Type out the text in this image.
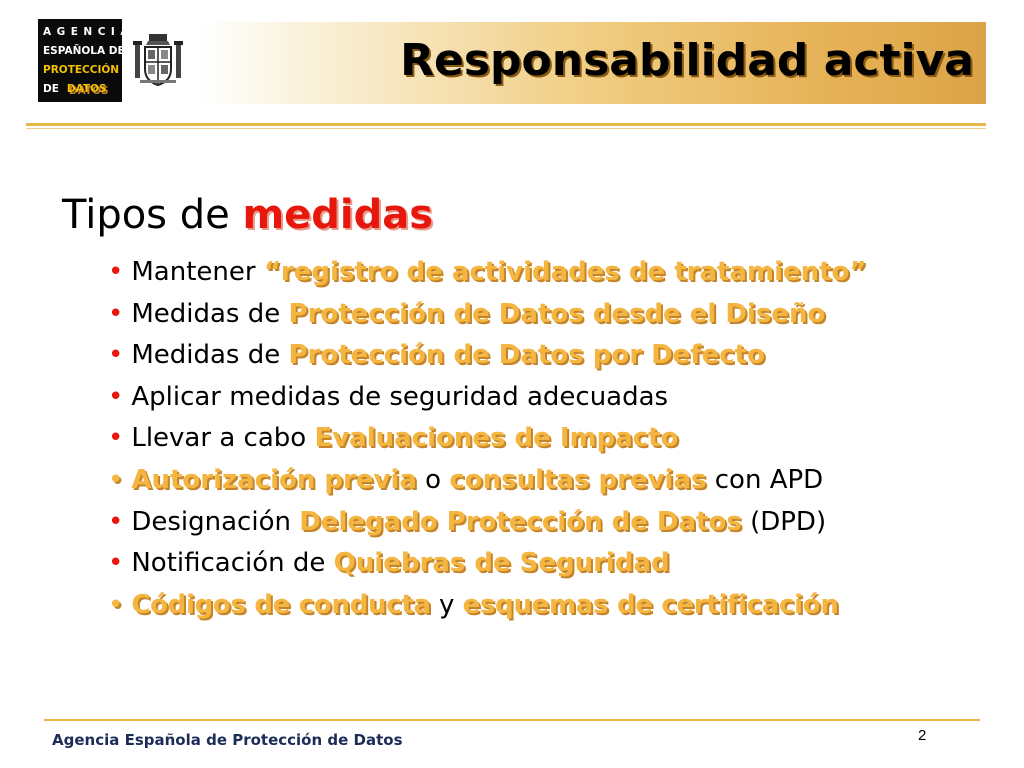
AGENCIA
ESPAÑOLA DE
PROTECCIÓN
DE DATOS
Responsabilidad activa
Tipos de medidas
• Mantener “registro de actividades de tratamiento”
• Medidas de Protección de Datos desde el Diseño
• Medidas de Protección de Datos por Defecto
• Aplicar medidas de seguridad adecuadas
• Llevar a cabo Evaluaciones de Impacto
• Autorización previa o consultas previas con APD
• Designación Delegado Protección de Datos (DPD)
• Notificación de Quiebras de Seguridad
• Códigos de conducta y esquemas de certificación
Agencia Española de Protección de Datos	2
